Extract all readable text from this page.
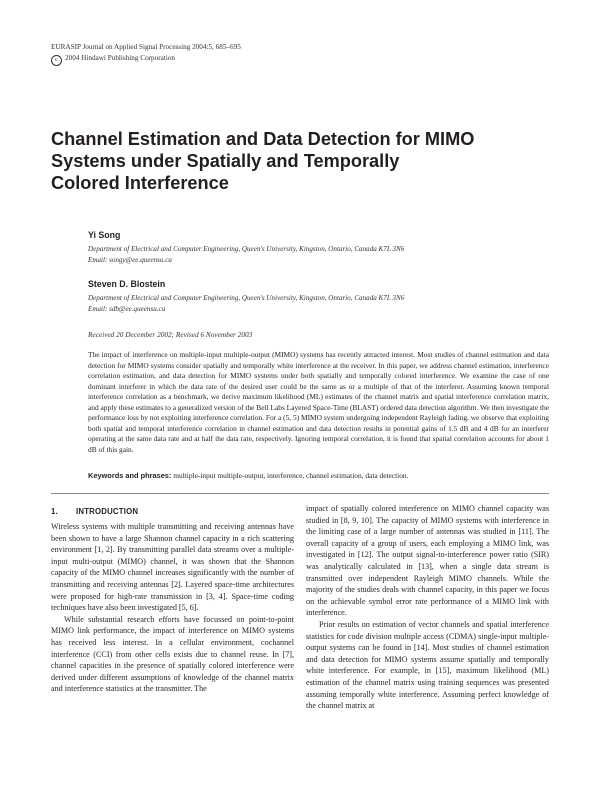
EURASIP Journal on Applied Signal Processing 2004:5, 685–695
c 2004 Hindawi Publishing Corporation
Channel Estimation and Data Detection for MIMO
Systems under Spatially and Temporally
Colored Interference
Yi Song
Department of Electrical and Computer Engineering, Queen's University, Kingston, Ontario, Canada K7L 3N6
Email: songy@ee.queensu.ca
Steven D. Blostein
Department of Electrical and Computer Engineering, Queen's University, Kingston, Ontario, Canada K7L 3N6
Email: sdb@ee.queensu.ca
Received 20 December 2002; Revised 6 November 2003
The impact of interference on multiple-input multiple-output (MIMO) systems has recently attracted interest. Most studies of channel estimation and data detection for MIMO systems consider spatially and temporally white interference at the receiver. In this paper, we address channel estimation, interference correlation estimation, and data detection for MIMO systems under both spatially and temporally colored interference. We examine the case of one dominant interferer in which the data rate of the desired user could be the same as or a multiple of that of the interferer. Assuming known temporal interference correlation as a benchmark, we derive maximum likelihood (ML) estimates of the channel matrix and spatial interference correlation matrix, and apply these estimates to a generalized version of the Bell Labs Layered Space-Time (BLAST) ordered data detection algorithm. We then investigate the performance loss by not exploiting interference correlation. For a (5, 5) MIMO system undergoing independent Rayleigh fading, we observe that exploiting both spatial and temporal interference correlation in channel estimation and data detection results in potential gains of 1.5 dB and 4 dB for an interferer operating at the same data rate and at half the data rate, respectively. Ignoring temporal correlation, it is found that spatial correlation accounts for about 1 dB of this gain.
Keywords and phrases: multiple-input multiple-output, interference, channel estimation, data detection.
1. INTRODUCTION

Wireless systems with multiple transmitting and receiving antennas have been shown to have a large Shannon channel capacity in a rich scattering environment [1, 2]. By transmitting parallel data streams over a multiple-input multi-output (MIMO) channel, it was shown that the Shannon capacity of the MIMO channel increases significantly with the number of transmitting and receiving antennas [2]. Layered space-time architectures were proposed for high-rate transmission in [3, 4]. Space-time coding techniques have also been investigated [5, 6].

While substantial research efforts have focussed on point-to-point MIMO link performance, the impact of interference on MIMO systems has received less interest. In a cellular environment, cochannel interference (CCI) from other cells exists due to channel reuse. In [7], channel capacities in the presence of spatially colored interference were derived under different assumptions of knowledge of the channel matrix and interference statistics at the transmitter. The

impact of spatially colored interference on MIMO channel capacity was studied in [8, 9, 10]. The capacity of MIMO systems with interference in the limiting case of a large number of antennas was studied in [11]. The overall capacity of a group of users, each employing a MIMO link, was investigated in [12]. The output signal-to-interference power ratio (SIR) was analytically calculated in [13], when a single data stream is transmitted over independent Rayleigh MIMO channels. While the majority of the studies deals with channel capacity, in this paper we focus on the achievable symbol error rate performance of a MIMO link with interference.

Prior results on estimation of vector channels and spatial interference statistics for code division multiple access (CDMA) single-input multiple-output systems can be found in [14]. Most studies of channel estimation and data detection for MIMO systems assume spatially and temporally white interference. For example, in [15], maximum likelihood (ML) estimation of the channel matrix using training sequences was presented assuming temporally white interference. Assuming perfect knowledge of the channel matrix at
